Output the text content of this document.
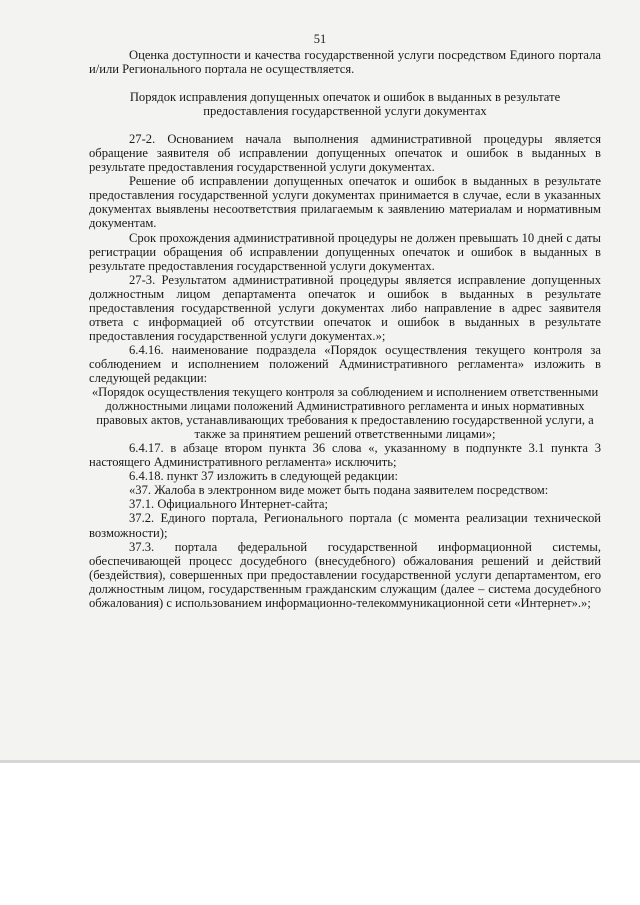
51

Оценка доступности и качества государственной услуги посредством Единого портала и/или Регионального портала не осуществляется.

Порядок исправления допущенных опечаток и ошибок в выданных в результате предоставления государственной услуги документах

27-2. Основанием начала выполнения административной процедуры является обращение заявителя об исправлении допущенных опечаток и ошибок в выданных в результате предоставления государственной услуги документах.

Решение об исправлении допущенных опечаток и ошибок в выданных в результате предоставления государственной услуги документах принимается в случае, если в указанных документах выявлены несоответствия прилагаемым к заявлению материалам и нормативным документам.

Срок прохождения административной процедуры не должен превышать 10 дней с даты регистрации обращения об исправлении допущенных опечаток и ошибок в выданных в результате предоставления государственной услуги документах.

27-3. Результатом административной процедуры является исправление допущенных должностным лицом департамента опечаток и ошибок в выданных в результате предоставления государственной услуги документах либо направление в адрес заявителя ответа с информацией об отсутствии опечаток и ошибок в выданных в результате предоставления государственной услуги документах.»;

6.4.16. наименование подраздела «Порядок осуществления текущего контроля за соблюдением и исполнением положений Административного регламента» изложить в следующей редакции:

«Порядок осуществления текущего контроля за соблюдением и исполнением ответственными должностными лицами положений Административного регламента и иных нормативных правовых актов, устанавливающих требования к предоставлению государственной услуги, а также за принятием решений ответственными лицами»;

6.4.17. в абзаце втором пункта 36 слова «, указанному в подпункте 3.1 пункта 3 настоящего Административного регламента» исключить;

6.4.18. пункт 37 изложить в следующей редакции:

«37. Жалоба в электронном виде может быть подана заявителем посредством:

37.1. Официального Интернет-сайта;

37.2. Единого портала, Регионального портала (с момента реализации технической возможности);

37.3. портала федеральной государственной информационной системы, обеспечивающей процесс досудебного (внесудебного) обжалования решений и действий (бездействия), совершенных при предоставлении государственной услуги департаментом, его должностным лицом, государственным гражданским служащим (далее – система досудебного обжалования) с использованием информационно-телекоммуникационной сети «Интернет».»;
